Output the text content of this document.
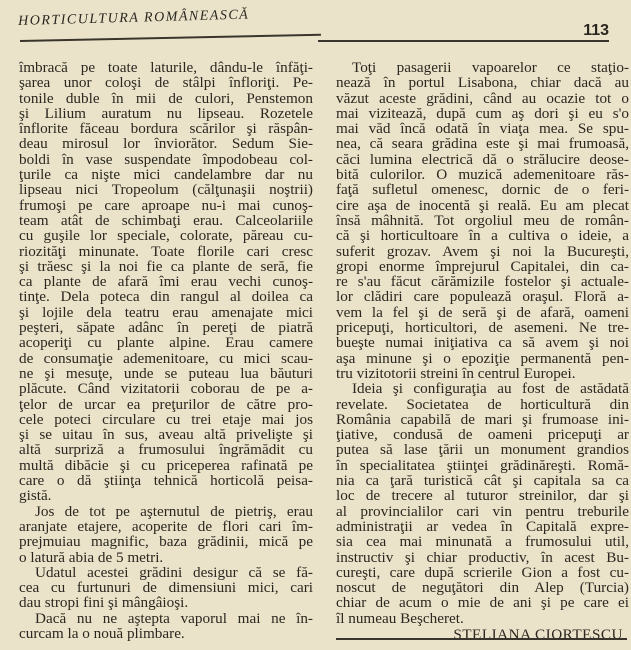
HORTICULTURA ROMÂNEASCĂ
113
îmbracă pe toate laturile, dându-le înfăţi-
şarea unor coloşi de stâlpi înfloriţi. Pe-
tonile duble în mii de culori, Penstemon
şi Lilium auratum nu lipseau. Rozetele
înflorite făceau bordura scărilor şi răspân-
deau mirosul lor înviorător. Sedum Sie-
boldi în vase suspendate împodobeau col-
ţurile ca nişte mici candelambre dar nu
lipseau nici Tropeolum (călţunaşii noştrii)
frumoşi pe care aproape nu-i mai cunoş-
team atât de schimbaţi erau. Calceolariile
cu guşile lor speciale, colorate, păreau cu-
riozităţi minunate. Toate florile cari cresc
şi trăesc şi la noi fie ca plante de seră, fie
ca plante de afară îmi erau vechi cunoş-
tinţe. Dela poteca din rangul al doilea ca
şi lojile dela teatru erau amenajate mici
peşteri, săpate adânc în pereţi de piatră
acoperiţi cu plante alpine. Erau camere
de consumaţie ademenitoare, cu mici scau-
ne şi mesuţe, unde se puteau lua băuturi
plăcute. Când vizitatorii coborau de pe a-
ţelor de urcar ea preţurilor de către pro-
cele poteci circulare cu trei etaje mai jos
şi se uitau în sus, aveau altă privelişte şi
altă surpriză a frumosului îngrămădit cu
multă dibăcie şi cu priceperea rafinată pe
care o dă ştiinţa tehnică horticolă peisa-
gistă.
Jos de tot pe aşternutul de pietriş, erau
aranjate etajere, acoperite de flori cari îm-
prejmuiau magnific, baza grădinii, mică pe
o latură abia de 5 metri.
Udatul acestei grădini desigur că se fă-
cea cu furtunuri de dimensiuni mici, cari
dau stropi fini şi mângâioşi.
Dacă nu ne aştepta vaporul mai ne în-
curcam la o nouă plimbare.
Toţi pasagerii vapoarelor ce staţio-
nează în portul Lisabona, chiar dacă au
văzut aceste grădini, când au ocazie tot o
mai vizitează, după cum aş dori şi eu s'o
mai văd încă odată în viaţa mea. Se spu-
nea, că seara grădina este şi mai frumoasă,
căci lumina electrică dă o strălucire deose-
bită culorilor. O muzică ademenitoare răs-
faţă sufletul omenesc, dornic de o feri-
cire aşa de inocentă şi reală. Eu am plecat
însă mâhnită. Tot orgoliul meu de român-
că şi horticultoare în a cultiva o ideie, a
suferit grozav. Avem şi noi la Bucureşti,
gropi enorme împrejurul Capitalei, din ca-
re s'au făcut cărămizile fostelor şi actuale-
lor clădiri care populează oraşul. Floră a-
vem la fel şi de seră şi de afară, oameni
pricepuţi, horticultori, de asemeni. Ne tre-
bueşte numai iniţiativa ca să avem şi noi
aşa minune şi o epoziţie permanentă pen-
tru vizitotorii streini în centrul Europei.
Ideia şi configuraţia au fost de astădată
revelate. Societatea de horticultură din
România capabilă de mari şi frumoase ini-
ţiative, condusă de oameni pricepuţi ar
putea să lase ţării un monument grandios
în specialitatea ştiinţei grădinăreşti. Romă-
nia ca ţară turistică cât şi capitala sa ca
loc de trecere al tuturor streinilor, dar şi
al provincialilor cari vin pentru treburile
administraţii ar vedea în Capitală expre-
sia cea mai minunată a frumosului util,
instructiv şi chiar productiv, în acest Bu-
cureşti, care după scrierile Gion a fost cu-
noscut de neguţători din Alep (Turcia)
chiar de acum o mie de ani şi pe care ei
îl numeau Beşcheret.
STELIANA CIORTESCU
